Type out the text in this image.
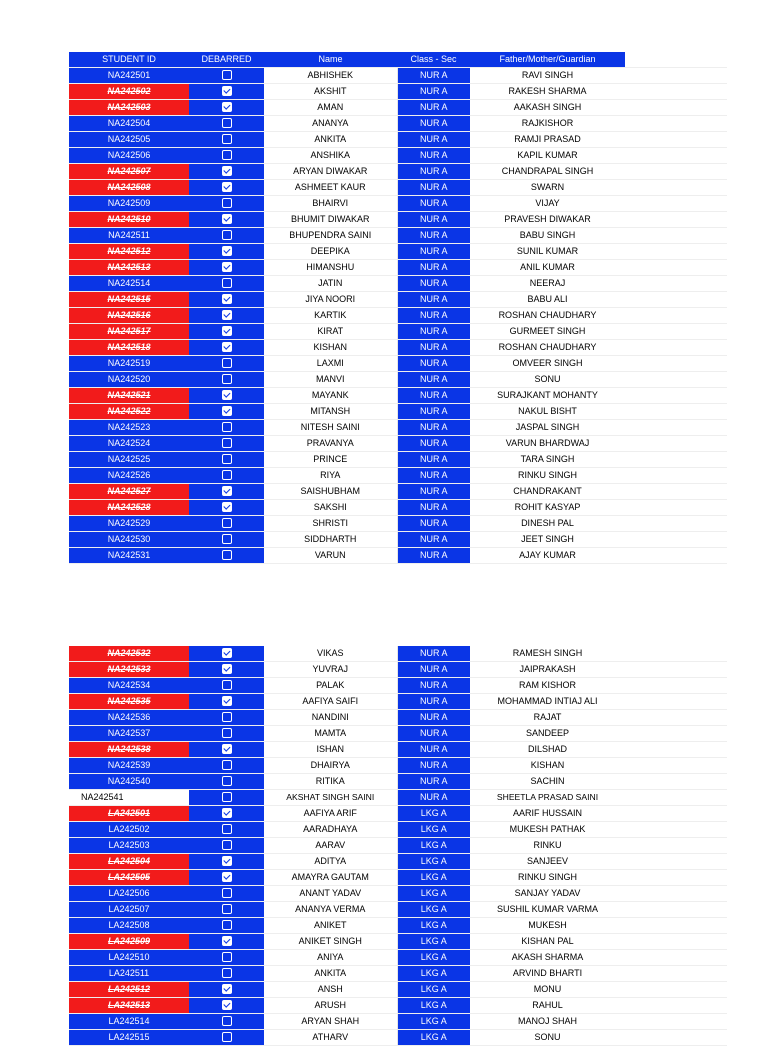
STUDENT ID	DEBARRED	Name	Class - Sec	Father/Mother/Guardian	
NA242501		ABHISHEK	NUR A	RAVI SINGH	
NA242502		AKSHIT	NUR A	RAKESH SHARMA	
NA242503		AMAN	NUR A	AAKASH SINGH	
NA242504		ANANYA	NUR A	RAJKISHOR	
NA242505		ANKITA	NUR A	RAMJI PRASAD	
NA242506		ANSHIKA	NUR A	KAPIL KUMAR	
NA242507		ARYAN DIWAKAR	NUR A	CHANDRAPAL SINGH	
NA242508		ASHMEET KAUR	NUR A	SWARN	
NA242509		BHAIRVI	NUR A	VIJAY	
NA242510		BHUMIT DIWAKAR	NUR A	PRAVESH DIWAKAR	
NA242511		BHUPENDRA SAINI	NUR A	BABU SINGH	
NA242512		DEEPIKA	NUR A	SUNIL KUMAR	
NA242513		HIMANSHU	NUR A	ANIL KUMAR	
NA242514		JATIN	NUR A	NEERAJ	
NA242515		JIYA NOORI	NUR A	BABU ALI	
NA242516		KARTIK	NUR A	ROSHAN CHAUDHARY	
NA242517		KIRAT	NUR A	GURMEET SINGH	
NA242518		KISHAN	NUR A	ROSHAN CHAUDHARY	
NA242519		LAXMI	NUR A	OMVEER SINGH	
NA242520		MANVI	NUR A	SONU	
NA242521		MAYANK	NUR A	SURAJKANT MOHANTY	
NA242522		MITANSH	NUR A	NAKUL BISHT	
NA242523		NITESH SAINI	NUR A	JASPAL SINGH	
NA242524		PRAVANYA	NUR A	VARUN BHARDWAJ	
NA242525		PRINCE	NUR A	TARA SINGH	
NA242526		RIYA	NUR A	RINKU SINGH	
NA242527		SAISHUBHAM	NUR A	CHANDRAKANT	
NA242528		SAKSHI	NUR A	ROHIT KASYAP	
NA242529		SHRISTI	NUR A	DINESH PAL	
NA242530		SIDDHARTH	NUR A	JEET SINGH	
NA242531		VARUN	NUR A	AJAY KUMAR	
NA242532		VIKAS	NUR A	RAMESH SINGH	
NA242533		YUVRAJ	NUR A	JAIPRAKASH	
NA242534		PALAK	NUR A	RAM KISHOR	
NA242535		AAFIYA SAIFI	NUR A	MOHAMMAD INTIAJ ALI	
NA242536		NANDINI	NUR A	RAJAT	
NA242537		MAMTA	NUR A	SANDEEP	
NA242538		ISHAN	NUR A	DILSHAD	
NA242539		DHAIRYA	NUR A	KISHAN	
NA242540		RITIKA	NUR A	SACHIN	
NA242541		AKSHAT SINGH SAINI	NUR A	SHEETLA PRASAD SAINI	
LA242501		AAFIYA ARIF	LKG A	AARIF HUSSAIN	
LA242502		AARADHAYA	LKG A	MUKESH PATHAK	
LA242503		AARAV	LKG A	RINKU	
LA242504		ADITYA	LKG A	SANJEEV	
LA242505		AMAYRA GAUTAM	LKG A	RINKU SINGH	
LA242506		ANANT YADAV	LKG A	SANJAY YADAV	
LA242507		ANANYA VERMA	LKG A	SUSHIL KUMAR VARMA	
LA242508		ANIKET	LKG A	MUKESH	
LA242509		ANIKET SINGH	LKG A	KISHAN PAL	
LA242510		ANIYA	LKG A	AKASH SHARMA	
LA242511		ANKITA	LKG A	ARVIND BHARTI	
LA242512		ANSH	LKG A	MONU	
LA242513		ARUSH	LKG A	RAHUL	
LA242514		ARYAN SHAH	LKG A	MANOJ SHAH	
LA242515		ATHARV	LKG A	SONU	
